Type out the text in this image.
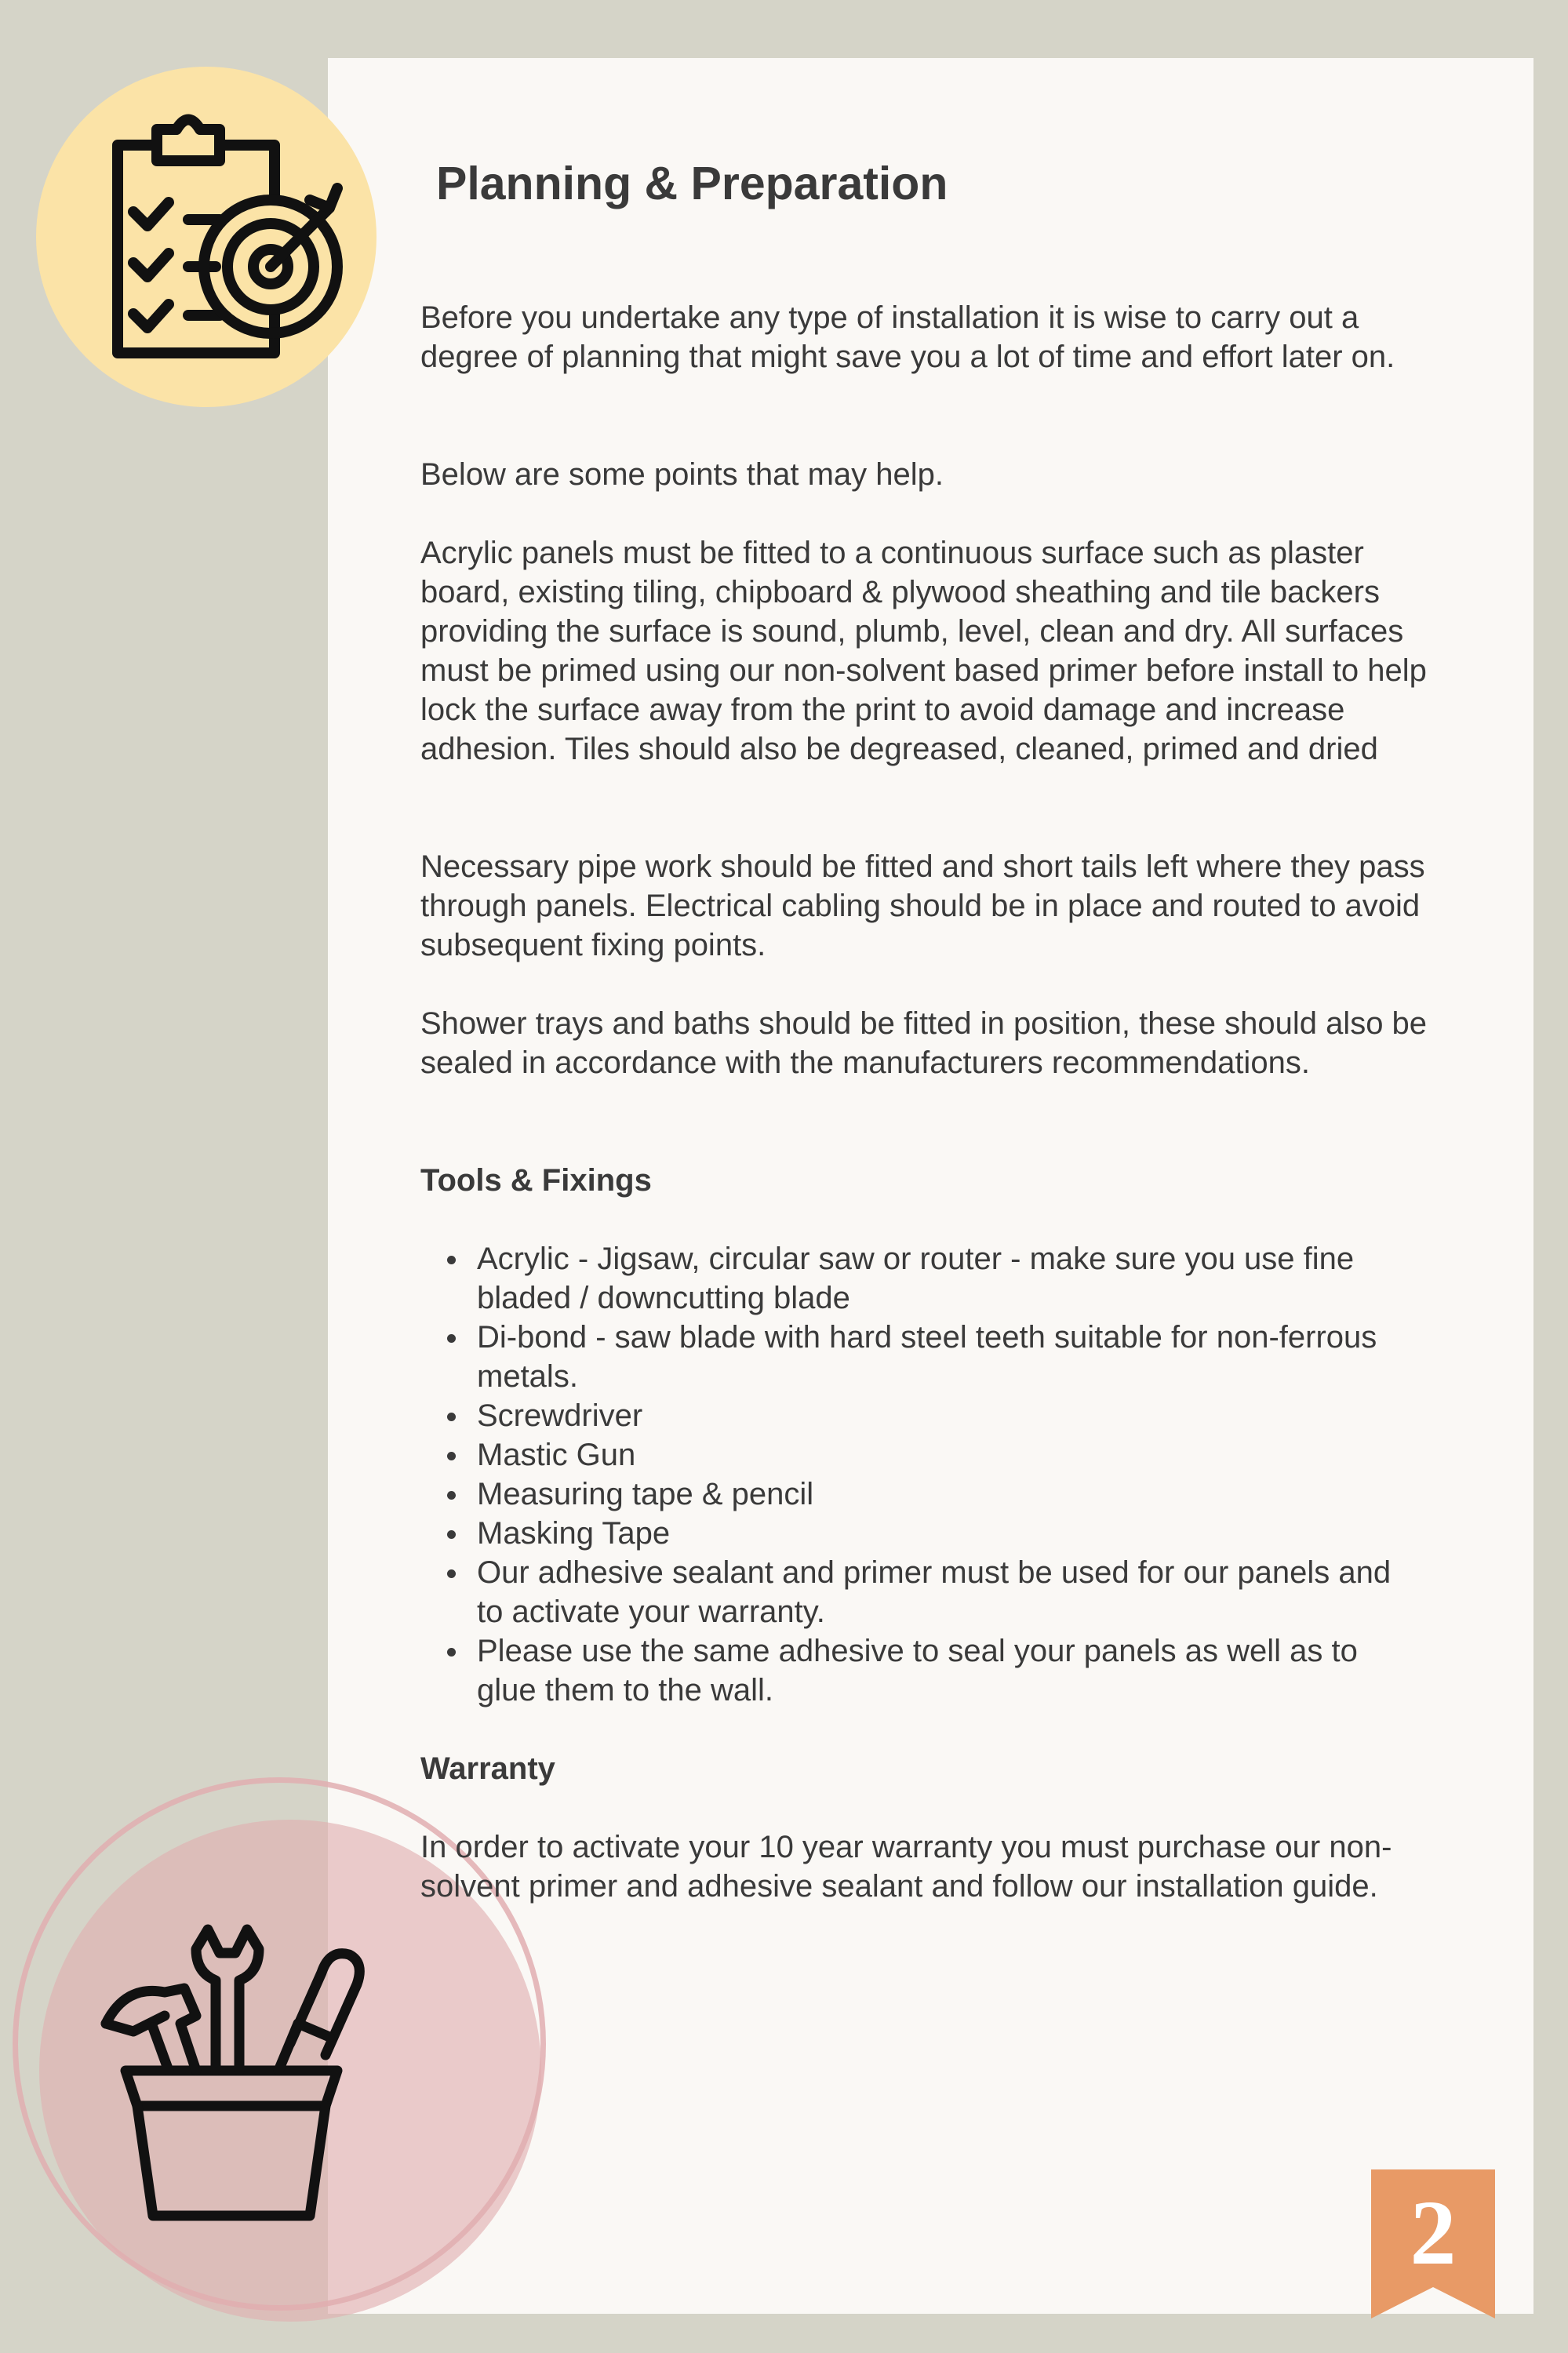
Planning & Preparation

Before you undertake any type of installation it is wise to carry out a degree of planning that might save you a lot of time and effort later on.

Below are some points that may help.

Acrylic panels must be fitted to a continuous surface such as plaster board, existing tiling, chipboard & plywood sheathing and tile backers providing the surface is sound, plumb, level, clean and dry. All surfaces must be primed using our non-solvent based primer before install to help lock the surface away from the print to avoid damage and increase adhesion. Tiles should also be degreased, cleaned, primed and dried

Necessary pipe work should be fitted and short tails left where they pass through panels. Electrical cabling should be in place and routed to avoid subsequent fixing points.

Shower trays and baths should be fitted in position, these should also be sealed in accordance with the manufacturers recommendations.

Tools & Fixings

Acrylic - Jigsaw, circular saw or router - make sure you use fine bladed / downcutting blade
Di-bond - saw blade with hard steel teeth suitable for non-ferrous metals.
Screwdriver
Mastic Gun
Measuring tape & pencil
Masking Tape
Our adhesive sealant and primer must be used for our panels and to activate your warranty.
Please use the same adhesive to seal your panels as well as to glue them to the wall.

Warranty

In order to activate your 10 year warranty you must purchase our non-solvent primer and adhesive sealant and follow our installation guide.

2
